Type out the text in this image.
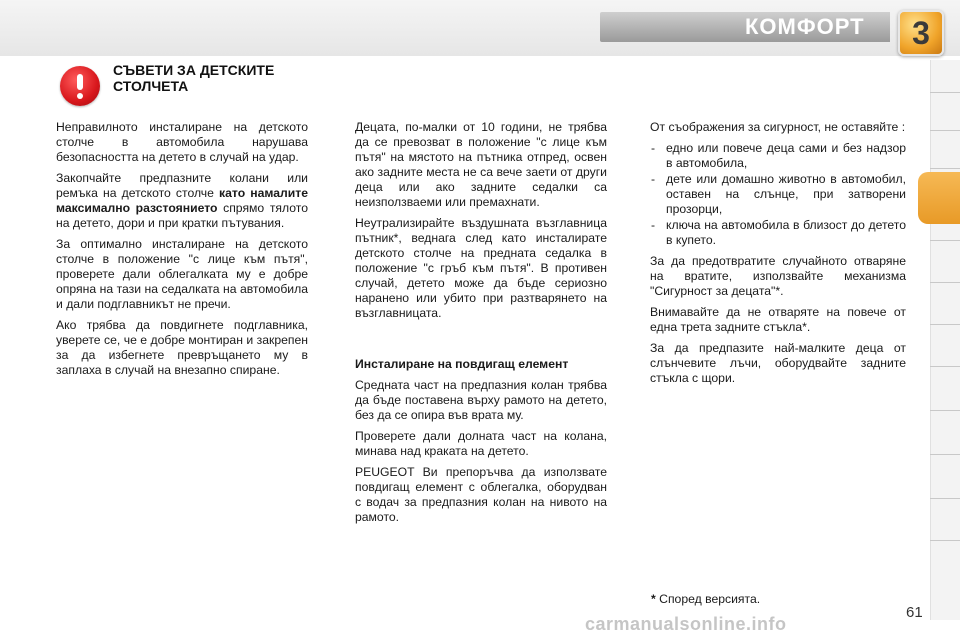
КОМФОРТ	3
СЪВЕТИ ЗА ДЕТСКИТЕ
СТОЛЧЕТА

Неправилното инсталиране на детското столче в автомобила нарушава безопасността на детето в случай на удар.

Закопчайте предпазните колани или ремъка на детското столче като намалите максимално разстоянието спрямо тялото на детето, дори и при кратки пътувания.

За оптимално инсталиране на детското столче в положение "с лице към пътя", проверете дали облегалката му е добре опряна на тази на седалката на автомобила и дали подглавникът не пречи.

Ако трябва да повдигнете подглавника, уверете се, че е добре монтиран и закрепен за да избегнете превръщането му в заплаха в случай на внезапно спиране.

Децата, по-малки от 10 години, не трябва да се превозват в положение "с лице към пътя" на мястото на пътника отпред, освен ако задните места не са вече заети от други деца или ако задните седалки са неизползваеми или премахнати.

Неутрализирайте въздушната възглавница пътник*, веднага след като инсталирате детското столче на предната седалка в положение "с гръб към пътя". В противен случай, детето може да бъде сериозно наранено или убито при разтварянето на възглавницата.

Инсталиране на повдигащ елемент

Средната част на предпазния колан трябва да бъде поставена върху рамото на детето, без да се опира във врата му.

Проверете дали долната част на колана, минава над кракатa на детето.

PEUGEOT Ви препоръчва да използвате повдигащ елемент с облегалка, оборудван с водач за предпазния колан на нивото на рамото.

От съображения за сигурност, не оставяйте :

- едно или повече деца сами и без надзор в автомобила,
- дете или домашно животно в автомобил, оставен на слънце, при затворени прозорци,
- ключа на автомобила в близост до детето в купето.

За да предотвратите случайното отваряне на вратите, използвайте механизма "Сигурност за децата"*.

Внимавайте да не отваряте на повече от една трета задните стъкла*.

За да предпазите най-малките деца от слънчевите лъчи, оборудвайте задните стъкла с щори.

* Според версията.
carmanualsonline.info
61
